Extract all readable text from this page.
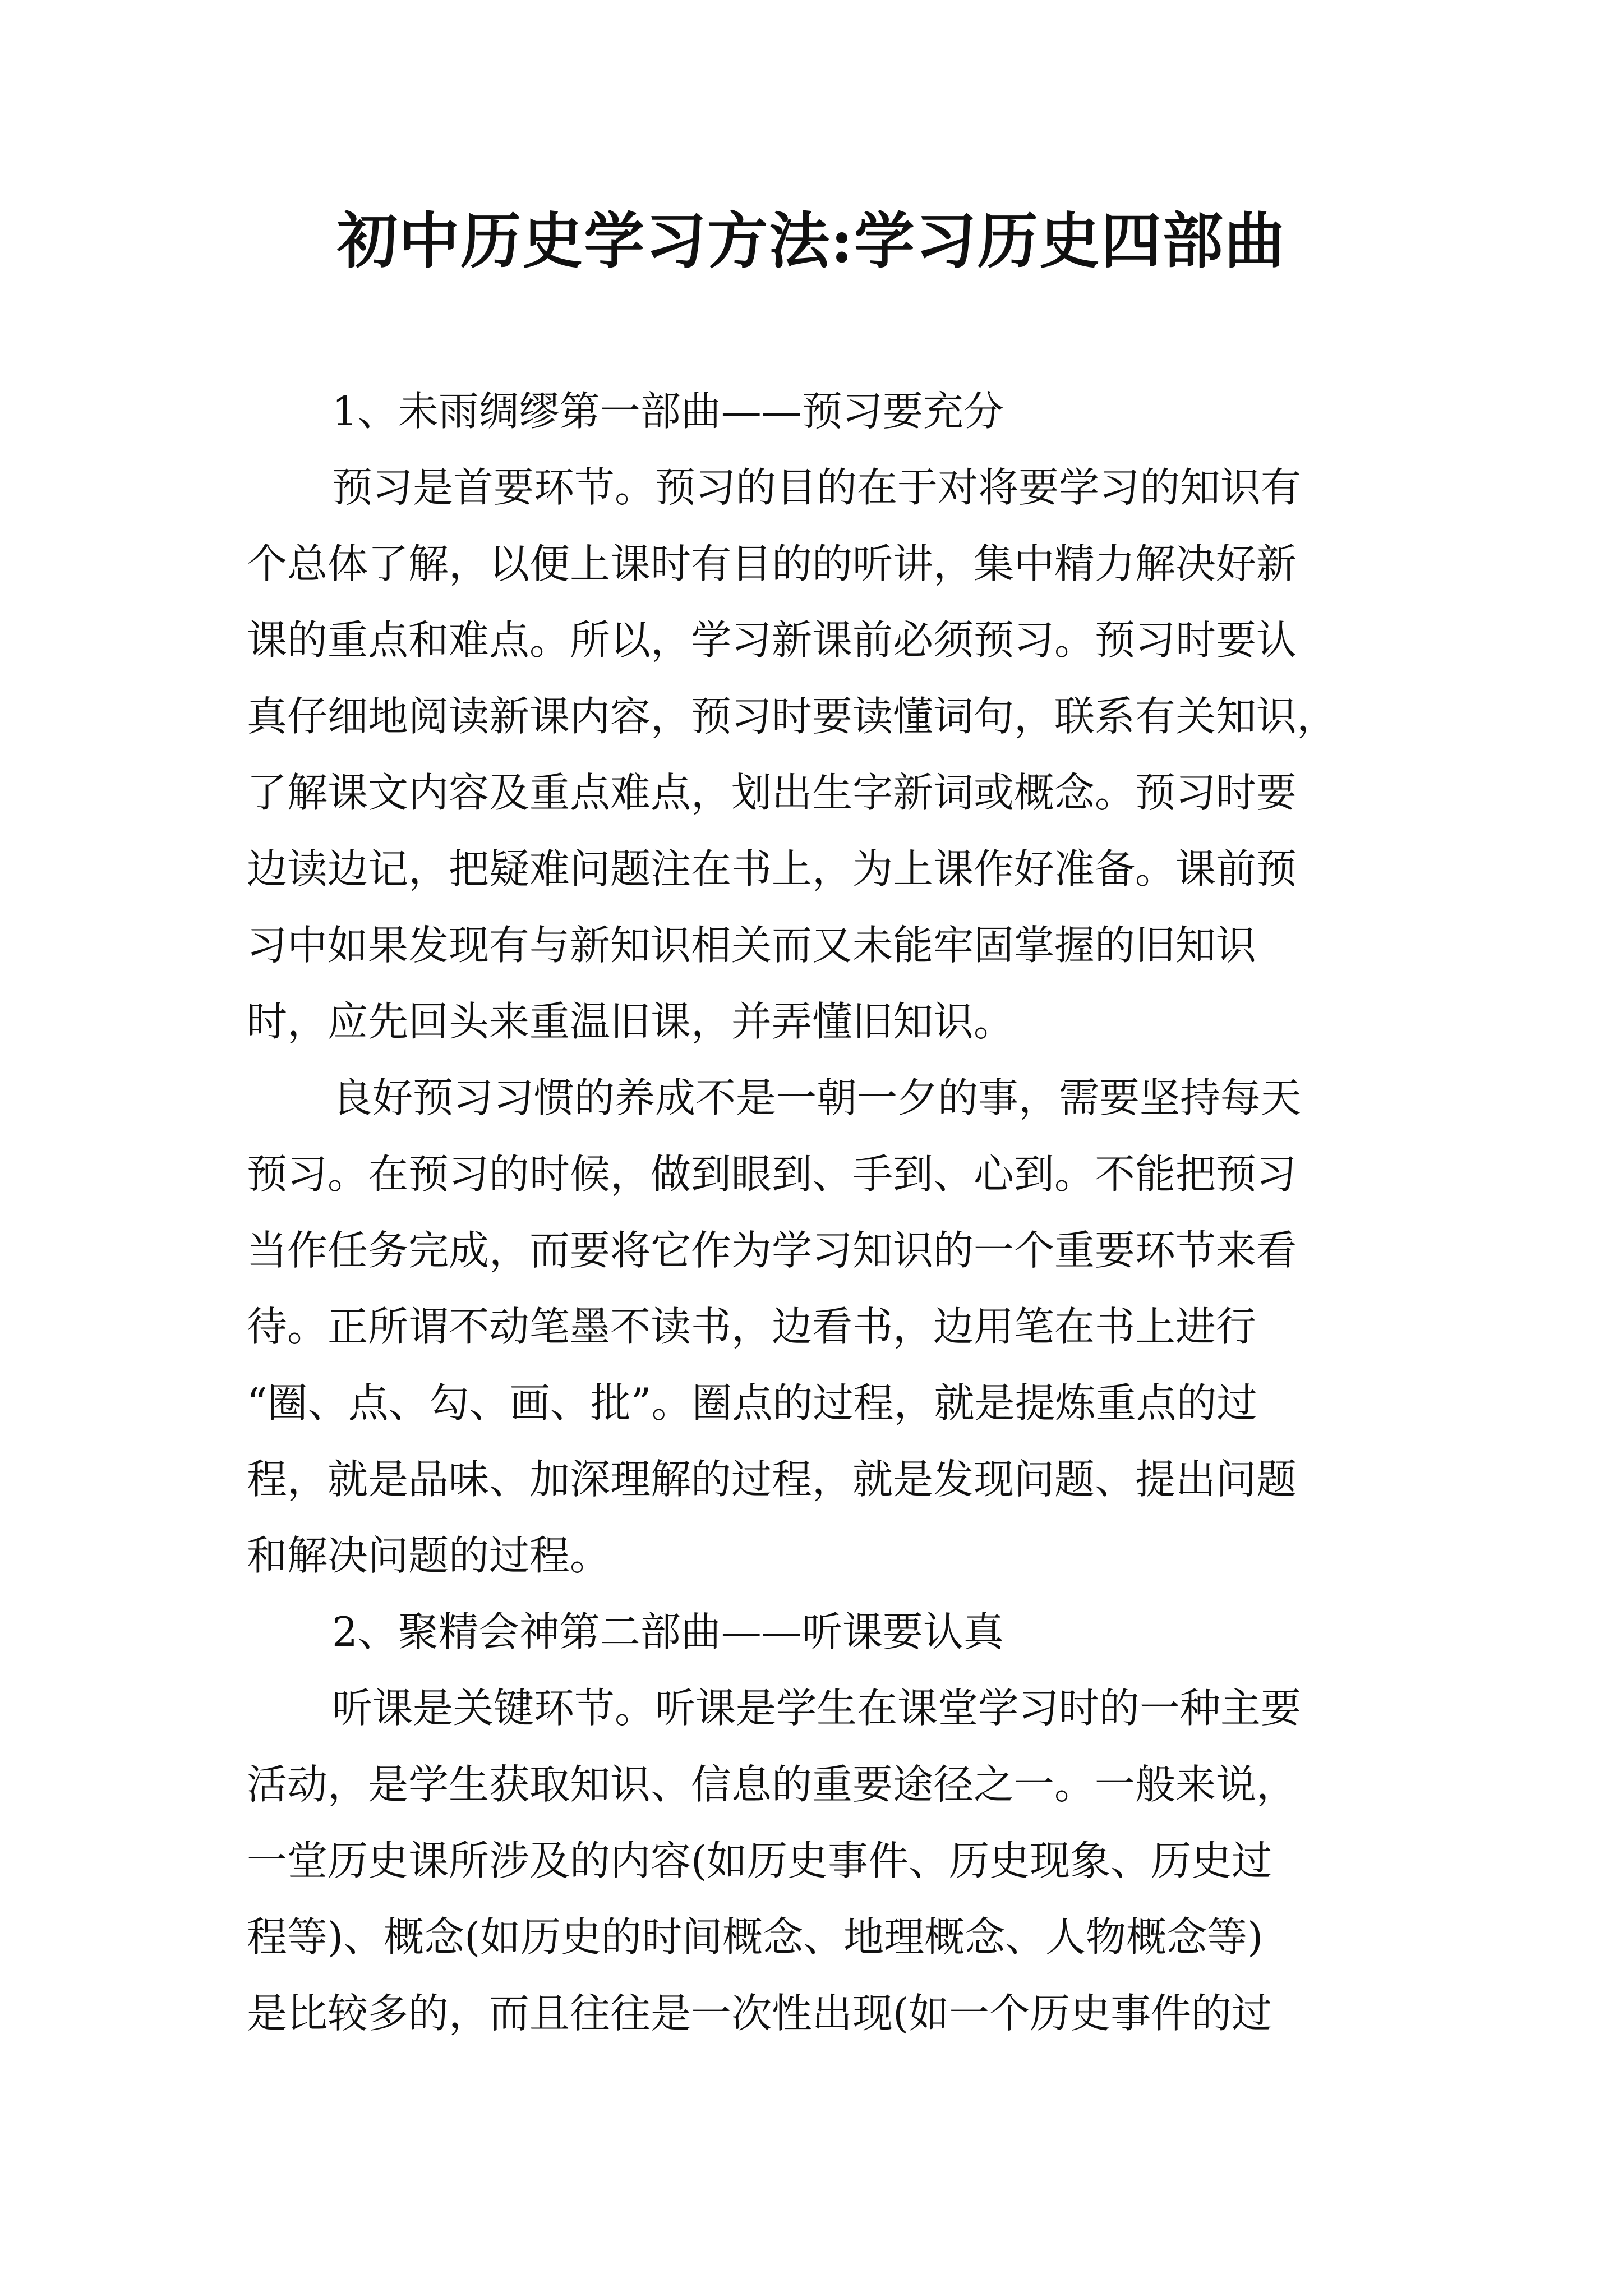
初中历史学习方法:学习历史四部曲
1、未雨绸缪第一部曲——预习要充分
预习是首要环节。预习的目的在于对将要学习的知识有
个总体了解，以便上课时有目的的听讲，集中精力解决好新
课的重点和难点。所以，学习新课前必须预习。预习时要认
真仔细地阅读新课内容，预习时要读懂词句，联系有关知识，
了解课文内容及重点难点，划出生字新词或概念。预习时要
边读边记，把疑难问题注在书上，为上课作好准备。课前预
习中如果发现有与新知识相关而又未能牢固掌握的旧知识
时，应先回头来重温旧课，并弄懂旧知识。
良好预习习惯的养成不是一朝一夕的事，需要坚持每天
预习。在预习的时候，做到眼到、手到、心到。不能把预习
当作任务完成，而要将它作为学习知识的一个重要环节来看
待。正所谓不动笔墨不读书，边看书，边用笔在书上进行
“圈、点、勾、画、批”。圈点的过程，就是提炼重点的过
程，就是品味、加深理解的过程，就是发现问题、提出问题
和解决问题的过程。
2、聚精会神第二部曲——听课要认真
听课是关键环节。听课是学生在课堂学习时的一种主要
活动，是学生获取知识、信息的重要途径之一。一般来说，
一堂历史课所涉及的内容(如历史事件、历史现象、历史过
程等)、概念(如历史的时间概念、地理概念、人物概念等)
是比较多的，而且往往是一次性出现(如一个历史事件的过
